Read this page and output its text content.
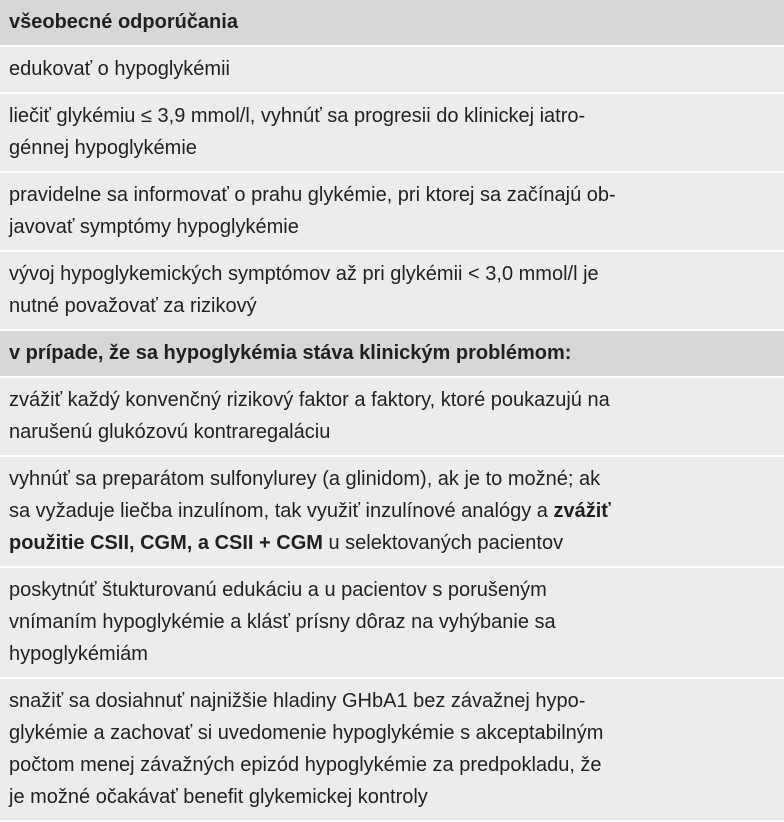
všeobecné odporúčania
edukovať o hypoglykémii
liečiť glykémiu ≤ 3,9 mmol/l, vyhnúť sa progresii do klinickej iatro-
génnej hypoglykémie
pravidelne sa informovať o prahu glykémie, pri ktorej sa začínajú ob-
javovať symptómy hypoglykémie
vývoj hypoglykemických symptómov až pri glykémii < 3,0 mmol/l je
nutné považovať za rizikový
v prípade, že sa hypoglykémia stáva klinickým problémom:
zvážiť každý konvenčný rizikový faktor a faktory, ktoré poukazujú na
narušenú glukózovú kontraregaláciu
vyhnúť sa preparátom sulfonylurey (a glinidom), ak je to možné; ak
sa vyžaduje liečba inzulínom, tak využiť inzulínové analógy a zvážiť
použitie CSII, CGM, a CSII + CGM u selektovaných pacientov
poskytnúť štukturovanú edukáciu a u pacientov s porušeným
vnímaním hypoglykémie a klásť prísny dôraz na vyhýbanie sa
hypoglykémiám
snažiť sa dosiahnuť najnižšie hladiny GHbA1 bez závažnej hypo-
glykémie a zachovať si uvedomenie hypoglykémie s akceptabilným
počtom menej závažných epizód hypoglykémie za predpokladu, že
je možné očakávať benefit glykemickej kontroly
